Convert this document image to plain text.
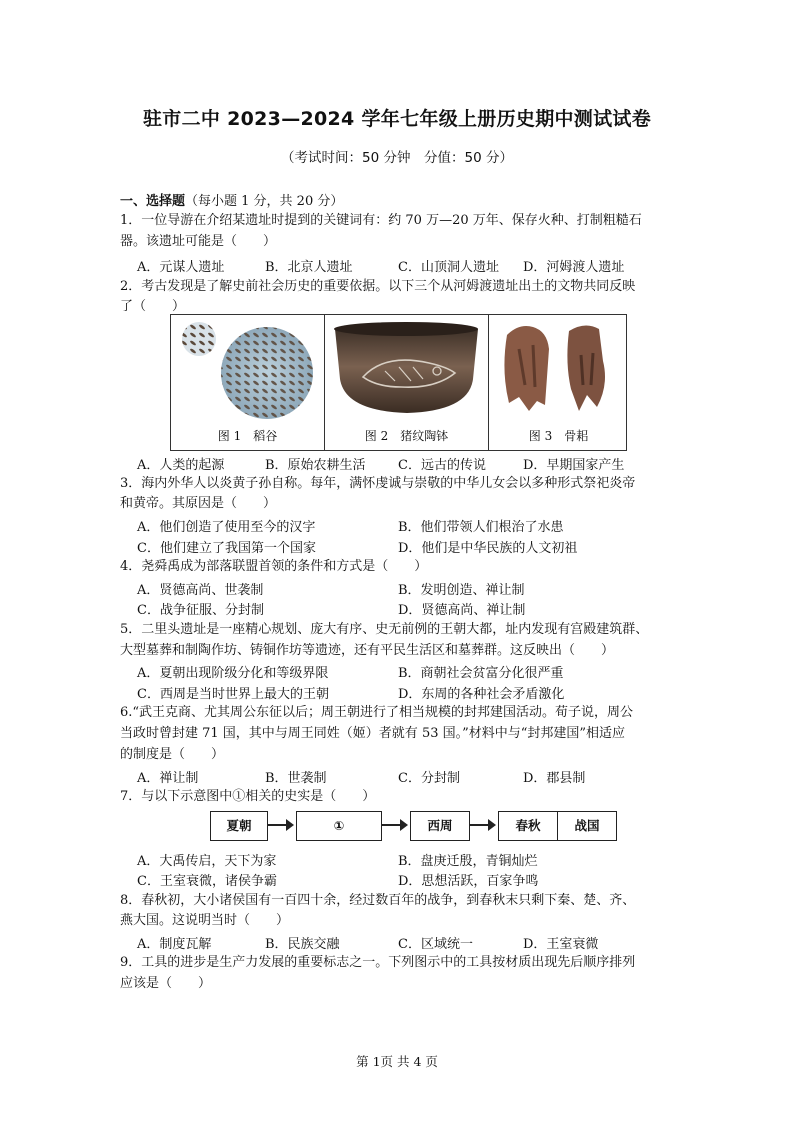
驻市二中 2023—2024 学年七年级上册历史期中测试试卷
（考试时间：50 分钟　分值：50 分）
一、选择题（每小题 1 分，共 20 分）
1．一位导游在介绍某遗址时提到的关键词有：约 70 万—20 万年、保存火种、打制粗糙石
器。该遗址可能是（　　）
A．元谋人遗址	B．北京人遗址	C．山顶洞人遗址 D．河姆渡人遗址
2．考古发现是了解史前社会历史的重要依据。以下三个从河姆渡遗址出土的文物共同反映
了（　　）
图 1　稻谷	图 2　猪纹陶钵	图 3　骨耜
A．人类的起源	B．原始农耕生活 C．远古的传说	D．早期国家产生
3．海内外华人以炎黄子孙自称。每年，满怀虔诚与崇敬的中华儿女会以多种形式祭祀炎帝
和黄帝。其原因是（　　）
A．他们创造了使用至今的汉字	B．他们带领人们根治了水患
C．他们建立了我国第一个国家	D．他们是中华民族的人文初祖
4．尧舜禹成为部落联盟首领的条件和方式是（　　）
A．贤德高尚、世袭制	B．发明创造、禅让制
C．战争征服、分封制	D．贤德高尚、禅让制
5．二里头遗址是一座精心规划、庞大有序、史无前例的王朝大都，址内发现有宫殿建筑群、
大型墓葬和制陶作坊、铸铜作坊等遗迹，还有平民生活区和墓葬群。这反映出（　　）
A．夏朝出现阶级分化和等级界限	B．商朝社会贫富分化很严重
C．西周是当时世界上最大的王朝	D．东周的各种社会矛盾激化
6.“武王克商、尤其周公东征以后；周王朝进行了相当规模的封邦建国活动。荀子说，周公
当政时曾封建 71 国，其中与周王同姓（姬）者就有 53 国。”材料中与“封邦建国”相适应
的制度是（　　）
A．禅让制	B．世袭制	C．分封制	D．郡县制
7．与以下示意图中①相关的史实是（　　）
夏朝	①	西周	春秋	战国
A．大禹传启，天下为家	B．盘庚迁殷，青铜灿烂
C．王室衰微，诸侯争霸	D．思想活跃，百家争鸣
8．春秋初，大小诸侯国有一百四十余，经过数百年的战争，到春秋末只剩下秦、楚、齐、
燕大国。这说明当时（　　）
A．制度瓦解	B．民族交融	C．区域统一	D．王室衰微
9．工具的进步是生产力发展的重要标志之一。下列图示中的工具按材质出现先后顺序排列
应该是（　　）
第 1页 共 4 页
